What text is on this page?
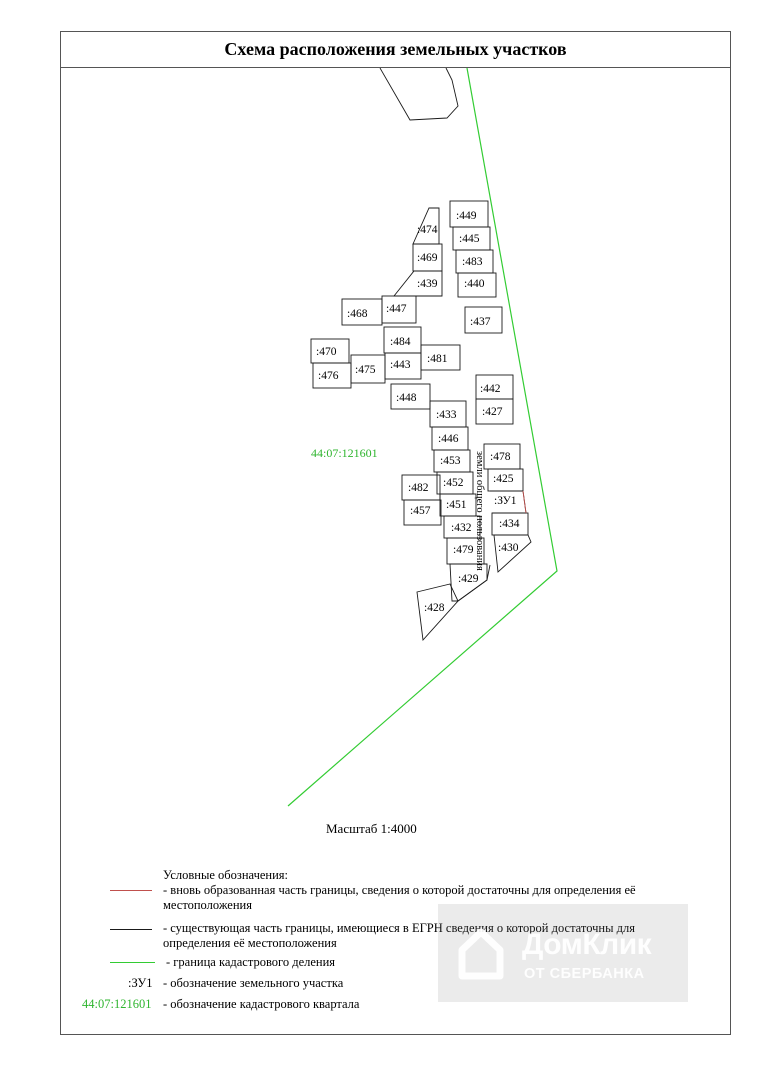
:474
:469
:439
:468 :447
:449
:445
:483
:440
:437
:470
:476 :475
:484
:443 :481
:442
:427
:448
:433
:446
:453
:482 :452
:457 :451
:432
:479
:429
:428
:478
:425
:ЗУ1
:434
:430
земли общего пользования
44:07:121601
Схема расположения земельных участков
Масштаб 1:4000
Условные обозначения:
- вновь образованная часть границы, сведения о которой достаточны для определения её местоположения
- существующая часть границы, имеющиеся в ЕГРН сведения о которой достаточны для определения её местоположения
- граница кадастрового деления
:ЗУ1 - обозначение земельного участка
44:07:121601 - обозначение кадастрового квартала
ДомКлик
ОТ СБЕРБАНКА
